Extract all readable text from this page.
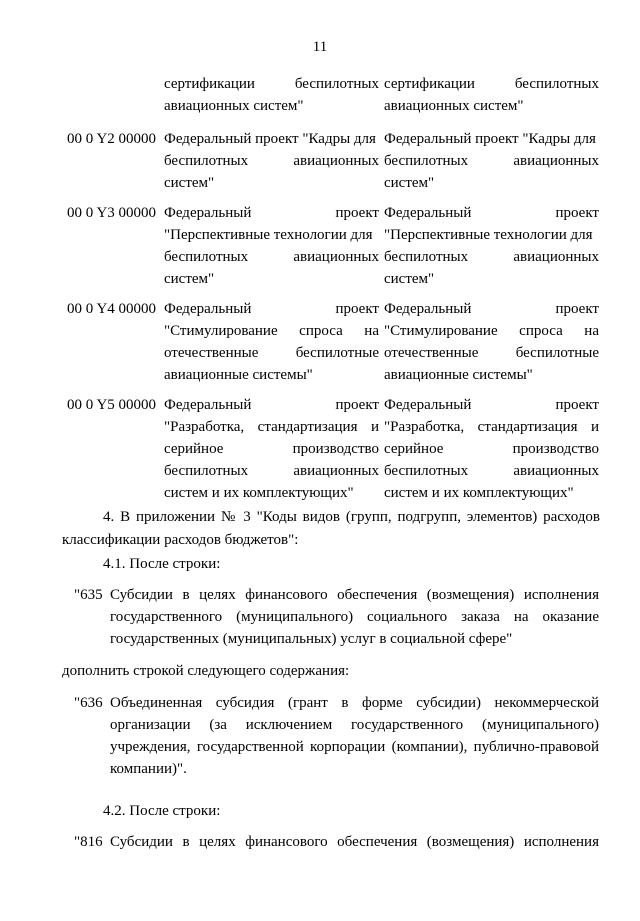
11
сертификации беспилотных
авиационных систем"
сертификации беспилотных
авиационных систем"
00 0 Y2 00000 Федеральный проект "Кадры для
беспилотных авиационных
систем"
Федеральный проект "Кадры для
беспилотных авиационных
систем"
00 0 Y3 00000 Федеральный проект
"Перспективные технологии для
беспилотных авиационных
систем"
Федеральный проект
"Перспективные технологии для
беспилотных авиационных
систем"
00 0 Y4 00000 Федеральный проект
"Стимулирование спроса на
отечественные беспилотные
авиационные системы"
Федеральный проект
"Стимулирование спроса на
отечественные беспилотные
авиационные системы"
00 0 Y5 00000 Федеральный проект
"Разработка, стандартизация и
серийное производство
беспилотных авиационных
систем и их комплектующих"
Федеральный проект
"Разработка, стандартизация и
серийное производство
беспилотных авиационных
систем и их комплектующих"
4. В приложении № 3 "Коды видов (групп, подгрупп, элементов) расходов
классификации расходов бюджетов":
4.1. После строки:
"635 Субсидии в целях финансового обеспечения (возмещения) исполнения
государственного (муниципального) социального заказа на оказание
государственных (муниципальных) услуг в социальной сфере"
дополнить строкой следующего содержания:
"636 Объединенная субсидия (грант в форме субсидии) некоммерческой
организации (за исключением государственного (муниципального)
учреждения, государственной корпорации (компании), публично-правовой
компании)".
4.2. После строки:
"816 Субсидии в целях финансового обеспечения (возмещения) исполнения
